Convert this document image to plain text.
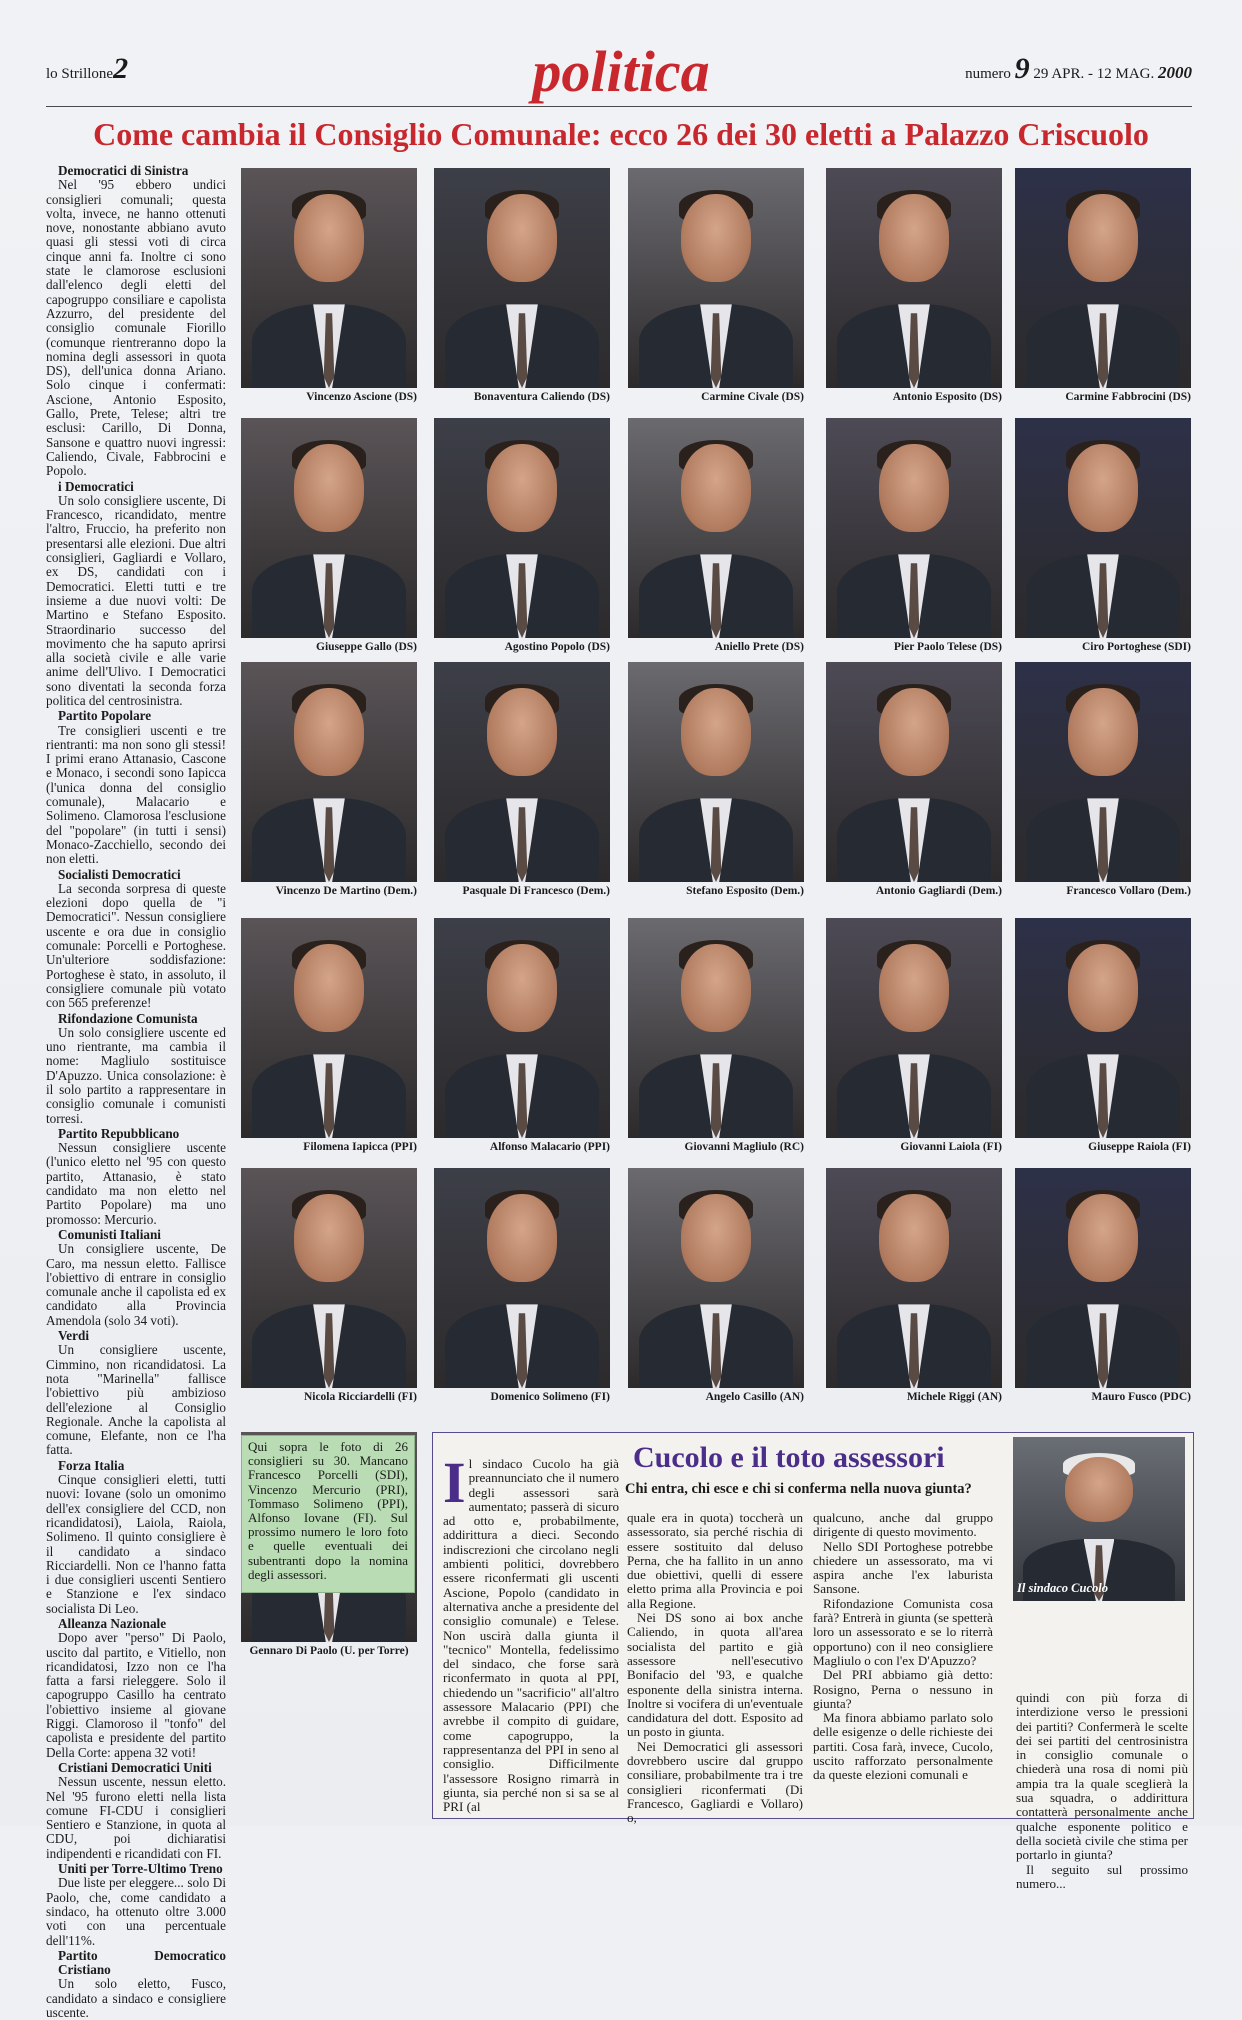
lo Strillone2	politica	numero 9 29 APR. - 12 MAG. 2000
Come cambia il Consiglio Comunale: ecco 26 dei 30 eletti a Palazzo Criscuolo
Democratici di Sinistra
Nel '95 ebbero undici consiglieri comunali; questa volta, invece, ne hanno ottenuti nove, nonostante abbiano avuto quasi gli stessi voti di circa cinque anni fa. Inoltre ci sono state le clamorose esclusioni dall'elenco degli eletti del capogruppo consiliare e capolista Azzurro, del presidente del consiglio comunale Fiorillo (comunque rientreranno dopo la nomina degli assessori in quota DS), dell'unica donna Ariano. Solo cinque i confermati: Ascione, Antonio Esposito, Gallo, Prete, Telese; altri tre esclusi: Carillo, Di Donna, Sansone e quattro nuovi ingressi: Caliendo, Civale, Fabbrocini e Popolo.
i Democratici
Un solo consigliere uscente, Di Francesco, ricandidato, mentre l'altro, Fruccio, ha preferito non presentarsi alle elezioni. Due altri consiglieri, Gagliardi e Vollaro, ex DS, candidati con i Democratici. Eletti tutti e tre insieme a due nuovi volti: De Martino e Stefano Esposito. Straordinario successo del movimento che ha saputo aprirsi alla società civile e alle varie anime dell'Ulivo. I Democratici sono diventati la seconda forza politica del centrosinistra.
Partito Popolare
Tre consiglieri uscenti e tre rientranti: ma non sono gli stessi! I primi erano Attanasio, Cascone e Monaco, i secondi sono Iapicca (l'unica donna del consiglio comunale), Malacario e Solimeno. Clamorosa l'esclusione del "popolare" (in tutti i sensi) Monaco-Zacchiello, secondo dei non eletti.
Socialisti Democratici
La seconda sorpresa di queste elezioni dopo quella de "i Democratici". Nessun consigliere uscente e ora due in consiglio comunale: Porcelli e Portoghese. Un'ulteriore soddisfazione: Portoghese è stato, in assoluto, il consigliere comunale più votato con 565 preferenze!
Rifondazione Comunista
Un solo consigliere uscente ed uno rientrante, ma cambia il nome: Magliulo sostituisce D'Apuzzo. Unica consolazione: è il solo partito a rappresentare in consiglio comunale i comunisti torresi.
Partito Repubblicano
Nessun consigliere uscente (l'unico eletto nel '95 con questo partito, Attanasio, è stato candidato ma non eletto nel Partito Popolare) ma uno promosso: Mercurio.
Comunisti Italiani
Un consigliere uscente, De Caro, ma nessun eletto. Fallisce l'obiettivo di entrare in consiglio comunale anche il capolista ed ex candidato alla Provincia Amendola (solo 34 voti).
Verdi
Un consigliere uscente, Cimmino, non ricandidatosi. La nota "Marinella" fallisce l'obiettivo più ambizioso dell'elezione al Consiglio Regionale. Anche la capolista al comune, Elefante, non ce l'ha fatta.
Forza Italia
Cinque consiglieri eletti, tutti nuovi: Iovane (solo un omonimo dell'ex consigliere del CCD, non ricandidatosi), Laiola, Raiola, Solimeno. Il quinto consigliere è il candidato a sindaco Ricciardelli. Non ce l'hanno fatta i due consiglieri uscenti Sentiero e Stanzione e l'ex sindaco socialista Di Leo.
Alleanza Nazionale
Dopo aver "perso" Di Paolo, uscito dal partito, e Vitiello, non ricandidatosi, Izzo non ce l'ha fatta a farsi rieleggere. Solo il capogruppo Casillo ha centrato l'obiettivo insieme al giovane Riggi. Clamoroso il "tonfo" del capolista e presidente del partito Della Corte: appena 32 voti!
Cristiani Democratici Uniti
Nessun uscente, nessun eletto. Nel '95 furono eletti nella lista comune FI-CDU i consiglieri Sentiero e Stanzione, in quota al CDU, poi dichiaratisi indipendenti e ricandidati con FI.
Uniti per Torre-Ultimo Treno
Due liste per eleggere... solo Di Paolo, che, come candidato a sindaco, ha ottenuto oltre 3.000 voti con una percentuale dell'11%.
Partito Democratico Cristiano
Un solo eletto, Fusco, candidato a sindaco e consigliere uscente.
Vincenzo Ascione (DS)	Bonaventura Caliendo (DS)	Carmine Civale (DS)	Antonio Esposito (DS)	Carmine Fabbrocini (DS)
Giuseppe Gallo (DS)	Agostino Popolo (DS)	Aniello Prete (DS)	Pier Paolo Telese (DS)	Ciro Portoghese (SDI)
Vincenzo De Martino (Dem.)	Pasquale Di Francesco (Dem.)	Stefano Esposito (Dem.)	Antonio Gagliardi (Dem.)	Francesco Vollaro (Dem.)
Filomena Iapicca (PPI)	Alfonso Malacario (PPI)	Giovanni Magliulo (RC)	Giovanni Laiola (FI)	Giuseppe Raiola (FI)
Nicola Ricciardelli (FI)	Domenico Solimeno (FI)	Angelo Casillo (AN)	Michele Riggi (AN)	Mauro Fusco (PDC)
Gennaro Di Paolo (U. per Torre)
Qui sopra le foto di 26 consiglieri su 30. Mancano Francesco Porcelli (SDI), Vincenzo Mercurio (PRI), Tommaso Solimeno (PPI), Alfonso Iovane (FI). Sul prossimo numero le loro foto e quelle eventuali dei subentranti dopo la nomina degli assessori.
Cucolo e il toto assessori
Chi entra, chi esce e chi si conferma nella nuova giunta?
Il sindaco Cucolo ha già preannunciato che il numero degli assessori sarà aumentato; passerà di sicuro ad otto e, probabilmente, addirittura a dieci. Secondo indiscrezioni che circolano negli ambienti politici, dovrebbero essere riconfermati gli uscenti Ascione, Popolo (candidato in alternativa anche a presidente del consiglio comunale) e Telese. Non uscirà dalla giunta il "tecnico" Montella, fedelissimo del sindaco, che forse sarà riconfermato in quota al PPI, chiedendo un "sacrificio" all'altro assessore Malacario (PPI) che avrebbe il compito di guidare, come capogruppo, la rappresentanza del PPI in seno al consiglio. Difficilmente l'assessore Rosigno rimarrà in giunta, sia perché non si sa se al PRI (al
quale era in quota) toccherà un assessorato, sia perché rischia di essere sostituito dal deluso Perna, che ha fallito in un anno due obiettivi, quelli di essere eletto prima alla Provincia e poi alla Regione.
Nei DS sono ai box anche Caliendo, in quota all'area socialista del partito e già assessore nell'esecutivo Bonifacio del '93, e qualche esponente della sinistra interna. Inoltre si vocifera di un'eventuale candidatura del dott. Esposito ad un posto in giunta.
Nei Democratici gli assessori dovrebbero uscire dal gruppo consiliare, probabilmente tra i tre consiglieri riconfermati (Di Francesco, Gagliardi e Vollaro) o,
qualcuno, anche dal gruppo dirigente di questo movimento.
Nello SDI Portoghese potrebbe chiedere un assessorato, ma vi aspira anche l'ex laburista Sansone.
Rifondazione Comunista cosa farà? Entrerà in giunta (se spetterà loro un assessorato e se lo riterrà opportuno) con il neo consigliere Magliulo o con l'ex D'Apuzzo?
Del PRI abbiamo già detto: Rosigno, Perna o nessuno in giunta?
Ma finora abbiamo parlato solo delle esigenze o delle richieste dei partiti. Cosa farà, invece, Cucolo, uscito rafforzato personalmente da queste elezioni comunali e
Il sindaco Cucolo
quindi con più forza di interdizione verso le pressioni dei partiti? Confermerà le scelte dei sei partiti del centrosinistra in consiglio comunale o chiederà una rosa di nomi più ampia tra la quale sceglierà la sua squadra, o addirittura contatterà personalmente anche qualche esponente politico e della società civile che stima per portarlo in giunta?
Il seguito sul prossimo numero...
